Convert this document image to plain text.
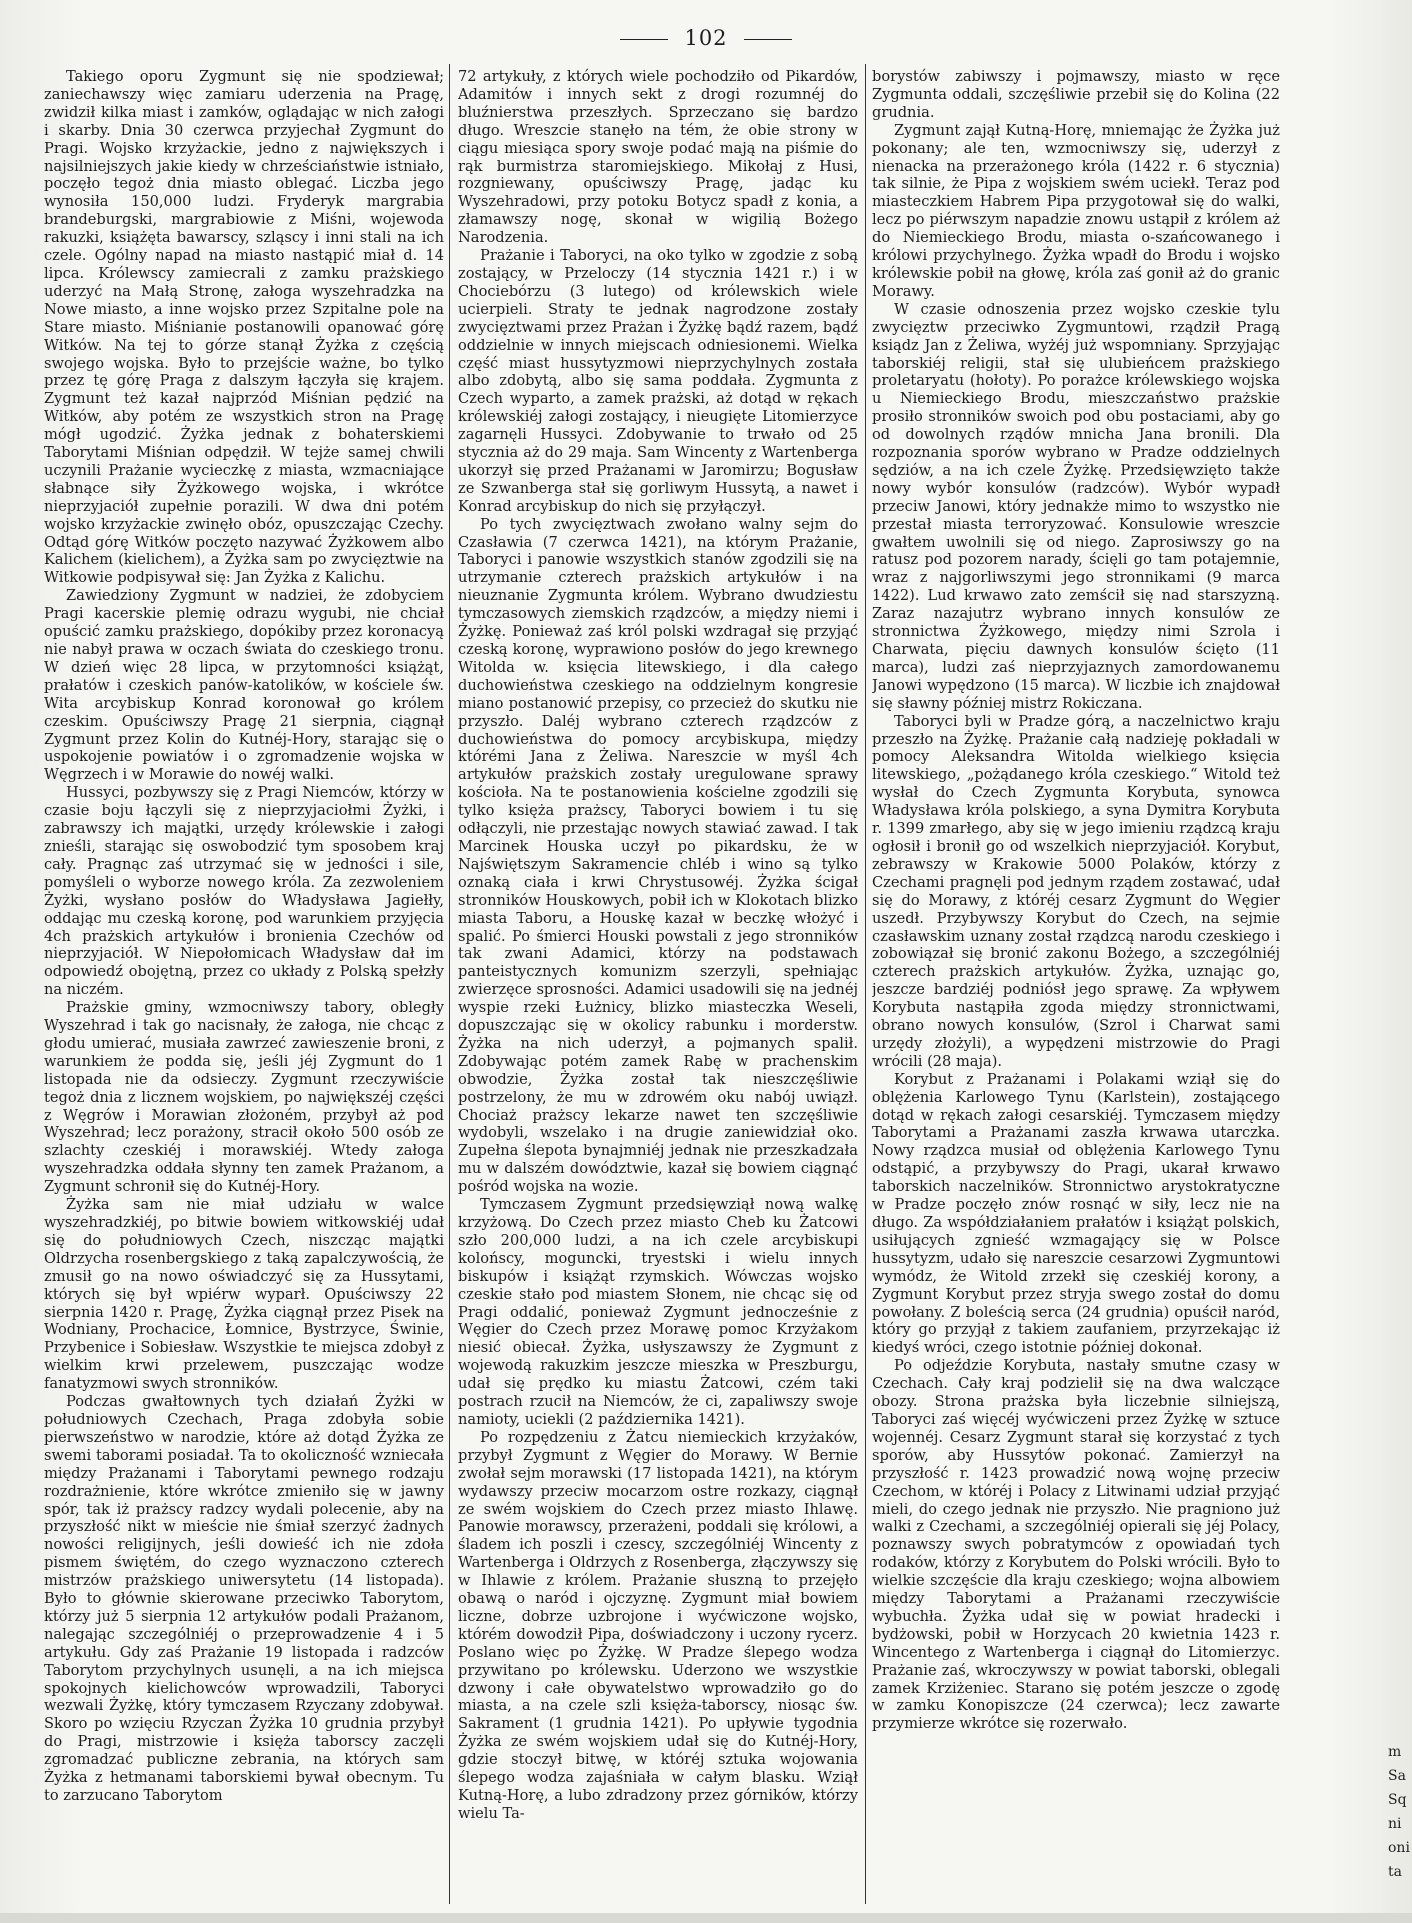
102

Takiego oporu Zygmunt się nie spodziewał; zaniechawszy więc zamiaru uderzenia na Pragę, zwidził kilka miast i zamków, oglądając w nich załogi i skarby. Dnia 30 czerwca przyjechał Zygmunt do Pragi. Wojsko krzyżackie, jedno z największych i najsilniejszych jakie kiedy w chrześciaństwie istniało, poczęło tegoż dnia miasto oblegać. Liczba jego wynosiła 150,000 ludzi. Fryderyk margrabia brandeburgski, margrabiowie z Miśni, wojewoda rakuzki, książęta bawarscy, szląscy i inni stali na ich czele. Ogólny napad na miasto nastąpić miał d. 14 lipca. Królewscy zamiecrali z zamku prażskiego uderzyć na Małą Stronę, załoga wyszehradzka na Nowe miasto, a inne wojsko przez Szpitalne pole na Stare miasto. Miśnianie postanowili opanować górę Witków. Na tej to górze stanął Żyżka z częścią swojego wojska. Było to przejście ważne, bo tylko przez tę górę Praga z dalszym łączyła się krajem. Zygmunt też kazał najprzód Miśnian pędzić na Witków, aby potém ze wszystkich stron na Pragę mógł ugodzić. Żyżka jednak z bohaterskiemi Taborytami Miśnian odpędził. W tejże samej chwili uczynili Prażanie wycieczkę z miasta, wzmacniające słabnące siły Żyżkowego wojska, i wkrótce nieprzyjaciół zupełnie porazili. W dwa dni potém wojsko krzyżackie zwinęło obóz, opuszczając Czechy. Odtąd górę Witków poczęto nazywać Żyżkowem albo Kalichem (kielichem), a Żyżka sam po zwycięztwie na Witkowie podpisywał się: Jan Żyżka z Kalichu.

Zawiedziony Zygmunt w nadziei, że zdobyciem Pragi kacerskie plemię odrazu wygubi, nie chciał opuścić zamku prażskiego, dopókiby przez koronacyą nie nabył prawa w oczach świata do czeskiego tronu. W dzień więc 28 lipca, w przytomności książąt, prałatów i czeskich panów-katolików, w kościele św. Wita arcybiskup Konrad koronował go królem czeskim. Opuściwszy Pragę 21 sierpnia, ciągnął Zygmunt przez Kolin do Kutnéj-Hory, starając się o uspokojenie powiatów i o zgromadzenie wojska w Węgrzech i w Morawie do nowéj walki.

Hussyci, pozbywszy się z Pragi Niemców, którzy w czasie boju łączyli się z nieprzyjaciołmi Żyżki, i zabrawszy ich majątki, urzędy królewskie i załogi znieśli, starając się oswobodzić tym sposobem kraj cały. Pragnąc zaś utrzymać się w jedności i sile, pomyśleli o wyborze nowego króla. Za zezwoleniem Żyżki, wysłano posłów do Władysława Jagiełły, oddając mu czeską koronę, pod warunkiem przyjęcia 4ch prażskich artykułów i bronienia Czechów od nieprzyjaciół. W Niepołomicach Władysław dał im odpowiedź obojętną, przez co układy z Polską spełzły na niczém.

Prażskie gminy, wzmocniwszy tabory, obległy Wyszehrad i tak go nacisnały, że załoga, nie chcąc z głodu umierać, musiała zawrzeć zawieszenie broni, z warunkiem że podda się, jeśli jéj Zygmunt do 1 listopada nie da odsieczy. Zygmunt rzeczywiście tegoż dnia z licznem wojskiem, po największéj części z Węgrów i Morawian złożoném, przybył aż pod Wyszehrad; lecz porażony, stracił około 500 osób ze szlachty czeskiéj i morawskiéj. Wtedy załoga wyszehradzka oddała słynny ten zamek Prażanom, a Zygmunt schronił się do Kutnéj-Hory.

Żyżka sam nie miał udziału w walce wyszehradzkiéj, po bitwie bowiem witkowskiéj udał się do południowych Czech, niszcząc majątki Oldrzycha rosenbergskiego z taką zapalczywością, że zmusił go na nowo oświadczyć się za Hussytami, których się był wpiérw wyparł. Opuściwszy 22 sierpnia 1420 r. Pragę, Żyżka ciągnął przez Pisek na Wodniany, Prochacice, Łomnice, Bystrzyce, Świnie, Przybenice i Sobiesław. Wszystkie te miejsca zdobył z wielkim krwi przelewem, puszczając wodze fanatyzmowi swych stronników.

Podczas gwałtownych tych działań Żyżki w południowych Czechach, Praga zdobyła sobie pierwszeństwo w narodzie, które aż dotąd Żyżka ze swemi taborami posiadał. Ta to okoliczność wzniecała między Prażanami i Taborytami pewnego rodzaju rozdrażnienie, które wkrótce zmieniło się w jawny spór, tak iż prażscy radzcy wydali polecenie, aby na przyszłość nikt w mieście nie śmiał szerzyć żadnych nowości religijnych, jeśli dowieść ich nie zdoła pismem świętém, do czego wyznaczono czterech mistrzów prażskiego uniwersytetu (14 listopada). Było to głównie skierowane przeciwko Taborytom, którzy już 5 sierpnia 12 artykułów podali Prażanom, nalegając szczególniéj o przeprowadzenie 4 i 5 artykułu. Gdy zaś Prażanie 19 listopada i radzców Taborytom przychylnych usunęli, a na ich miejsca spokojnych kielichowców wprowadzili, Taboryci wezwali Żyżkę, który tymczasem Rzyczany zdobywał. Skoro po wzięciu Rzyczan Żyżka 10 grudnia przybył do Pragi, mistrzowie i księża taborscy zaczęli zgromadzać publiczne zebrania, na których sam Żyżka z hetmanami taborskiemi bywał obecnym. Tu to zarzucano Taborytom

72 artykuły, z których wiele pochodziło od Pikardów, Adamitów i innych sekt z drogi rozumnéj do bluźnierstwa przeszłych. Sprzeczano się bardzo długo. Wreszcie stanęło na tém, że obie strony w ciągu miesiąca spory swoje podać mają na piśmie do rąk burmistrza staromiejskiego. Mikołaj z Husi, rozgniewany, opuściwszy Pragę, jadąc ku Wyszehradowi, przy potoku Botycz spadł z konia, a złamawszy nogę, skonał w wigilią Bożego Narodzenia.

Prażanie i Taboryci, na oko tylko w zgodzie z sobą zostający, w Przeloczy (14 stycznia 1421 r.) i w Chociebórzu (3 lutego) od królewskich wiele ucierpieli. Straty te jednak nagrodzone zostały zwycięztwami przez Prażan i Żyżkę bądź razem, bądź oddzielnie w innych miejscach odniesionemi. Wielka część miast hussytyzmowi nieprzychylnych została albo zdobytą, albo się sama poddała. Zygmunta z Czech wyparto, a zamek prażski, aż dotąd w rękach królewskiéj załogi zostający, i nieugięte Litomierzyce zagarnęli Hussyci. Zdobywanie to trwało od 25 stycznia aż do 29 maja. Sam Wincenty z Wartenberga ukorzył się przed Prażanami w Jaromirzu; Bogusław ze Szwanberga stał się gorliwym Hussytą, a nawet i Konrad arcybiskup do nich się przyłączył.

Po tych zwycięztwach zwołano walny sejm do Czasławia (7 czerwca 1421), na którym Prażanie, Taboryci i panowie wszystkich stanów zgodzili się na utrzymanie czterech prażskich artykułów i na nieuznanie Zygmunta królem. Wybrano dwudziestu tymczasowych ziemskich rządzców, a między niemi i Żyżkę. Ponieważ zaś król polski wzdragał się przyjąć czeską koronę, wyprawiono posłów do jego krewnego Witolda w. księcia litewskiego, i dla całego duchowieństwa czeskiego na oddzielnym kongresie miano postanowić przepisy, co przecież do skutku nie przyszło. Daléj wybrano czterech rządzców z duchowieństwa do pomocy arcybiskupa, między którémi Jana z Żeliwa. Nareszcie w myśl 4ch artykułów prażskich zostały uregulowane sprawy kościoła. Na te postanowienia kościelne zgodzili się tylko księża prażscy, Taboryci bowiem i tu się odłączyli, nie przestając nowych stawiać zawad. I tak Marcinek Houska uczył po pikardsku, że w Najświętszym Sakramencie chléb i wino są tylko oznaką ciała i krwi Chrystusowéj. Żyżka ścigał stronników Houskowych, pobił ich w Klokotach blizko miasta Taboru, a Houskę kazał w beczkę włożyć i spalić. Po śmierci Houski powstali z jego stronników tak zwani Adamici, którzy na podstawach panteistycznych komunizm szerzyli, spełniając zwierzęce sprosności. Adamici usadowili się na jednéj wyspie rzeki Łużnicy, blizko miasteczka Weseli, dopuszczając się w okolicy rabunku i morderstw. Żyżka na nich uderzył, a pojmanych spalił. Zdobywając potém zamek Rabę w prachenskim obwodzie, Żyżka został tak nieszczęśliwie postrzelony, że mu w zdrowém oku nabój uwiązł. Chociaż prażscy lekarze nawet ten szczęśliwie wydobyli, wszelako i na drugie zaniewidział oko. Zupełna ślepota bynajmniéj jednak nie przeszkadzała mu w dalszém dowództwie, kazał się bowiem ciągnąć pośród wojska na wozie.

Tymczasem Zygmunt przedsięwziął nową walkę krzyżową. Do Czech przez miasto Cheb ku Żatcowi szło 200,000 ludzi, a na ich czele arcybiskupi kolońscy, moguncki, tryestski i wielu innych biskupów i książąt rzymskich. Wówczas wojsko czeskie stało pod miastem Słonem, nie chcąc się od Pragi oddalić, ponieważ Zygmunt jednocześnie z Węgier do Czech przez Morawę pomoc Krzyżakom niesić obiecał. Żyżka, usłyszawszy że Zygmunt z wojewodą rakuzkim jeszcze mieszka w Preszburgu, udał się prędko ku miastu Żatcowi, czém taki postrach rzucił na Niemców, że ci, zapaliwszy swoje namioty, uciekli (2 października 1421).

Po rozpędzeniu z Żatcu niemieckich krzyżaków, przybył Zygmunt z Węgier do Morawy. W Bernie zwołał sejm morawski (17 listopada 1421), na którym wydawszy przeciw mocarzom ostre rozkazy, ciągnął ze swém wojskiem do Czech przez miasto Ihlawę. Panowie morawscy, przerażeni, poddali się królowi, a śladem ich poszli i czescy, szczególniéj Wincenty z Wartenberga i Oldrzych z Rosenberga, złączywszy się w Ihlawie z królem. Prażanie słuszną to przejęło obawą o naród i ojczyznę. Zygmunt miał bowiem liczne, dobrze uzbrojone i wyćwiczone wojsko, którém dowodził Pipa, doświadczony i uczony rycerz. Poslano więc po Żyżkę. W Pradze ślepego wodza przywitano po królewsku. Uderzono we wszystkie dzwony i całe obywatelstwo wprowadziło go do miasta, a na czele szli księża-taborscy, niosąc św. Sakrament (1 grudnia 1421). Po upływie tygodnia Żyżka ze swém wojskiem udał się do Kutnéj-Hory, gdzie stoczył bitwę, w któréj sztuka wojowania ślepego wodza zajaśniała w całym blasku. Wziął Kutną-Horę, a lubo zdradzony przez górników, którzy wielu Ta-

borystów zabiwszy i pojmawszy, miasto w ręce Zygmunta oddali, szczęśliwie przebił się do Kolina (22 grudnia.

Zygmunt zajął Kutną-Horę, mniemając że Żyżka już pokonany; ale ten, wzmocniwszy się, uderzył z nienacka na przerażonego króla (1422 r. 6 stycznia) tak silnie, że Pipa z wojskiem swém uciekł. Teraz pod miasteczkiem Habrem Pipa przygotował się do walki, lecz po piérwszym napadzie znowu ustąpił z królem aż do Niemieckiego Brodu, miasta o-szańcowanego i królowi przychylnego. Żyżka wpadł do Brodu i wojsko królewskie pobił na głowę, króla zaś gonił aż do granic Morawy.

W czasie odnoszenia przez wojsko czeskie tylu zwycięztw przeciwko Zygmuntowi, rządził Pragą ksiądz Jan z Żeliwa, wyżéj już wspomniany. Sprzyjając taborskiéj religii, stał się ulubieńcem prażskiego proletaryatu (hołoty). Po porażce królewskiego wojska u Niemieckiego Brodu, mieszczaństwo prażskie prosiło stronników swoich pod obu postaciami, aby go od dowolnych rządów mnicha Jana bronili. Dla rozpoznania sporów wybrano w Pradze oddzielnych sędziów, a na ich czele Żyżkę. Przedsięwzięto także nowy wybór konsulów (radzców). Wybór wypadł przeciw Janowi, który jednakże mimo to wszystko nie przestał miasta terroryzować. Konsulowie wreszcie gwałtem uwolnili się od niego. Zaprosiwszy go na ratusz pod pozorem narady, ścięli go tam potajemnie, wraz z najgorliwszymi jego stronnikami (9 marca 1422). Lud krwawo zato zemścił się nad starszyzną. Zaraz nazajutrz wybrano innych konsulów ze stronnictwa Żyżkowego, między nimi Szrola i Charwata, pięciu dawnych konsulów ścięto (11 marca), ludzi zaś nieprzyjaznych zamordowanemu Janowi wypędzono (15 marca). W liczbie ich znajdował się sławny później mistrz Rokiczana.

Taboryci byli w Pradze górą, a naczelnictwo kraju przeszło na Żyżkę. Prażanie całą nadzieję pokładali w pomocy Aleksandra Witolda wielkiego księcia litewskiego, „pożądanego króla czeskiego.“ Witold też wysłał do Czech Zygmunta Korybuta, synowca Władysława króla polskiego, a syna Dymitra Korybuta r. 1399 zmarłego, aby się w jego imieniu rządzcą kraju ogłosił i bronił go od wszelkich nieprzyjaciół. Korybut, zebrawszy w Krakowie 5000 Polaków, którzy z Czechami pragnęli pod jednym rządem zostawać, udał się do Morawy, z któréj cesarz Zygmunt do Węgier uszedł. Przybywszy Korybut do Czech, na sejmie czasławskim uznany został rządzcą narodu czeskiego i zobowiązał się bronić zakonu Bożego, a szczególniéj czterech prażskich artykułów. Żyżka, uznając go, jeszcze bardziéj podniósł jego sprawę. Za wpływem Korybuta nastąpiła zgoda między stronnictwami, obrano nowych konsulów, (Szrol i Charwat sami urzędy złożyli), a wypędzeni mistrzowie do Pragi wrócili (28 maja).

Korybut z Prażanami i Polakami wziął się do oblężenia Karlowego Tynu (Karlstein), zostającego dotąd w rękach załogi cesarskiéj. Tymczasem między Taborytami a Prażanami zaszła krwawa utarczka. Nowy rządzca musiał od oblężenia Karlowego Tynu odstąpić, a przybywszy do Pragi, ukarał krwawo taborskich naczelników. Stronnictwo arystokratyczne w Pradze poczęło znów rosnąć w siły, lecz nie na długo. Za współdziałaniem prałatów i książąt polskich, usiłujących zgnieść wzmagający się w Polsce hussytyzm, udało się nareszcie cesarzowi Zygmuntowi wymódz, że Witold zrzekł się czeskiéj korony, a Zygmunt Korybut przez stryja swego został do domu powołany. Z boleścią serca (24 grudnia) opuścił naród, który go przyjął z takiem zaufaniem, przyrzekając iż kiedyś wróci, czego istotnie później dokonał.

Po odjeździe Korybuta, nastały smutne czasy w Czechach. Cały kraj podzielił się na dwa walczące obozy. Strona prażska była liczebnie silniejszą, Taboryci zaś więcéj wyćwiczeni przez Żyżkę w sztuce wojennéj. Cesarz Zygmunt starał się korzystać z tych sporów, aby Hussytów pokonać. Zamierzył na przyszłość r. 1423 prowadzić nową wojnę przeciw Czechom, w któréj i Polacy z Litwinami udział przyjąć mieli, do czego jednak nie przyszło. Nie pragniono już walki z Czechami, a szczególniéj opierali się jéj Polacy, poznawszy swych pobratymców z opowiadań tych rodaków, którzy z Korybutem do Polski wrócili. Było to wielkie szczęście dla kraju czeskiego; wojna albowiem między Taborytami a Prażanami rzeczywiście wybuchła. Żyżka udał się w powiat hradecki i bydżowski, pobił w Horzycach 20 kwietnia 1423 r. Wincentego z Wartenberga i ciągnął do Litomierzyc. Prażanie zaś, wkroczywszy w powiat taborski, oblegali zamek Krziżeniec. Starano się potém jeszcze o zgodę w zamku Konopiszcze (24 czerwca); lecz zawarte przymierze wkrótce się rozerwało.

m
Sa
Sq
ni
oni
ta
